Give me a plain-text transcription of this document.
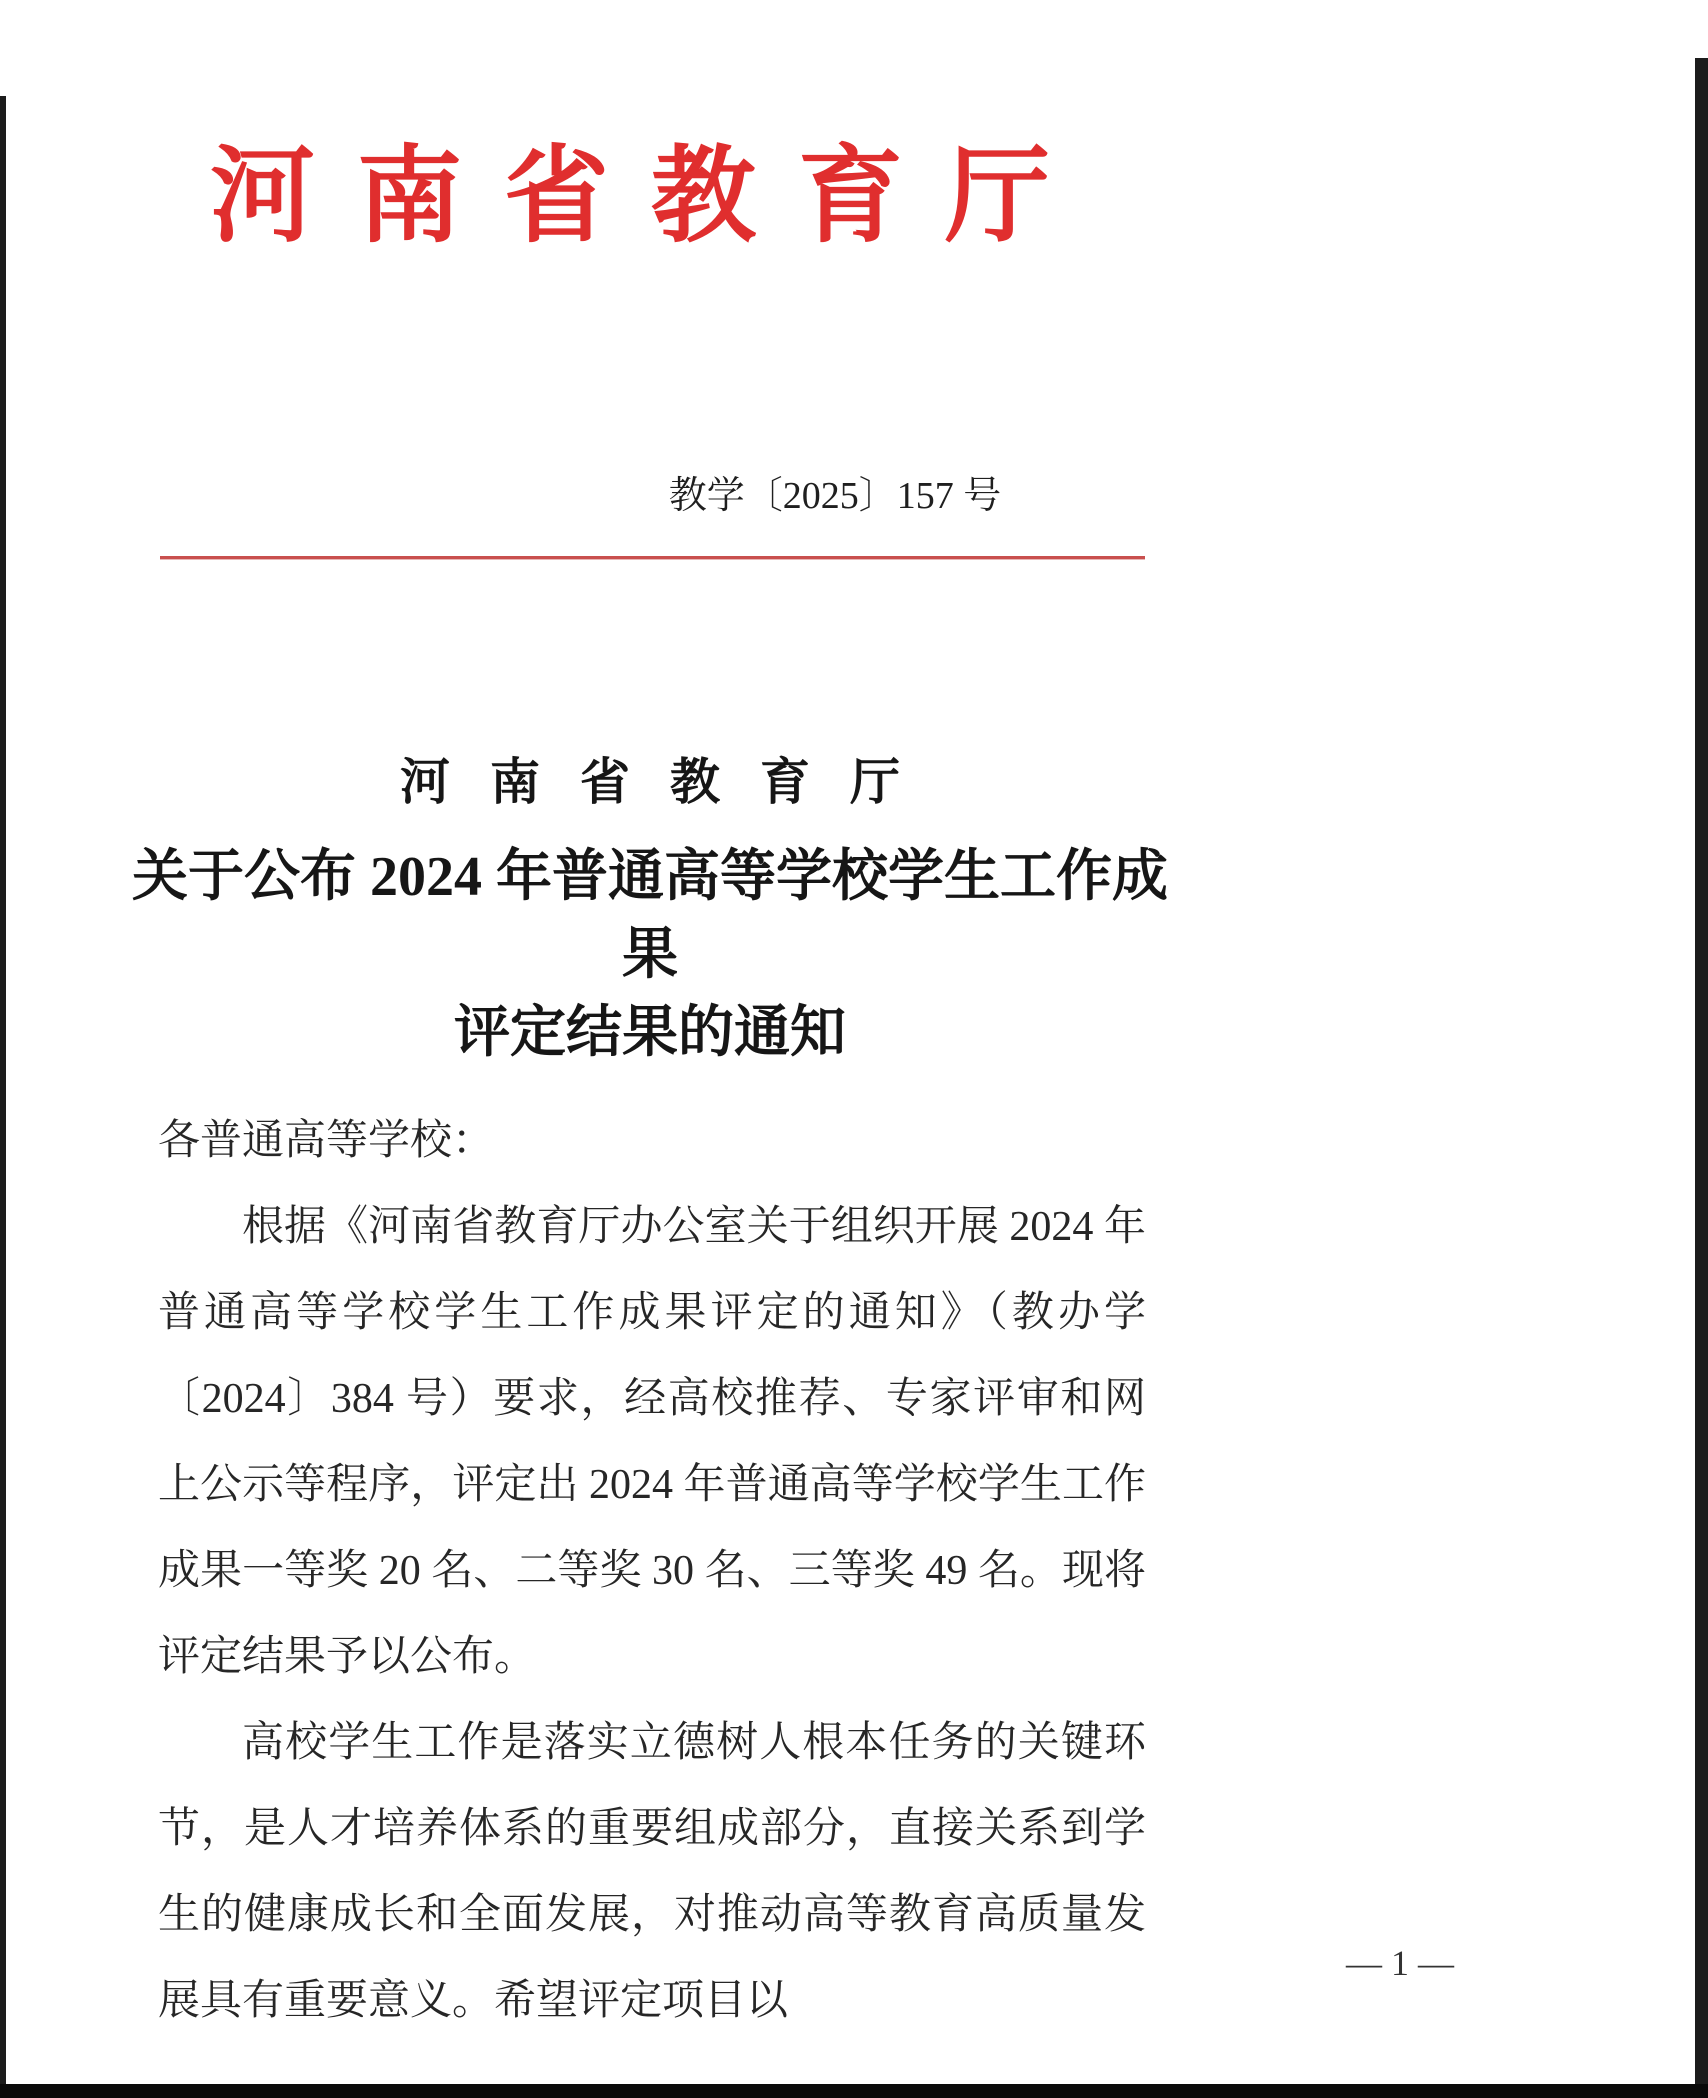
河南省教育厅
教学〔2025〕157 号
河南省教育厅
关于公布 2024 年普通高等学校学生工作成果
评定结果的通知

各普通高等学校：

根据《河南省教育厅办公室关于组织开展 2024 年普通高等学校学生工作成果评定的通知》（教办学〔2024〕384 号）要求，经高校推荐、专家评审和网上公示等程序，评定出 2024 年普通高等学校学生工作成果一等奖 20 名、二等奖 30 名、三等奖 49 名。现将评定结果予以公布。

高校学生工作是落实立德树人根本任务的关键环节，是人才培养体系的重要组成部分，直接关系到学生的健康成长和全面发展，对推动高等教育高质量发展具有重要意义。希望评定项目以

— 1 —
